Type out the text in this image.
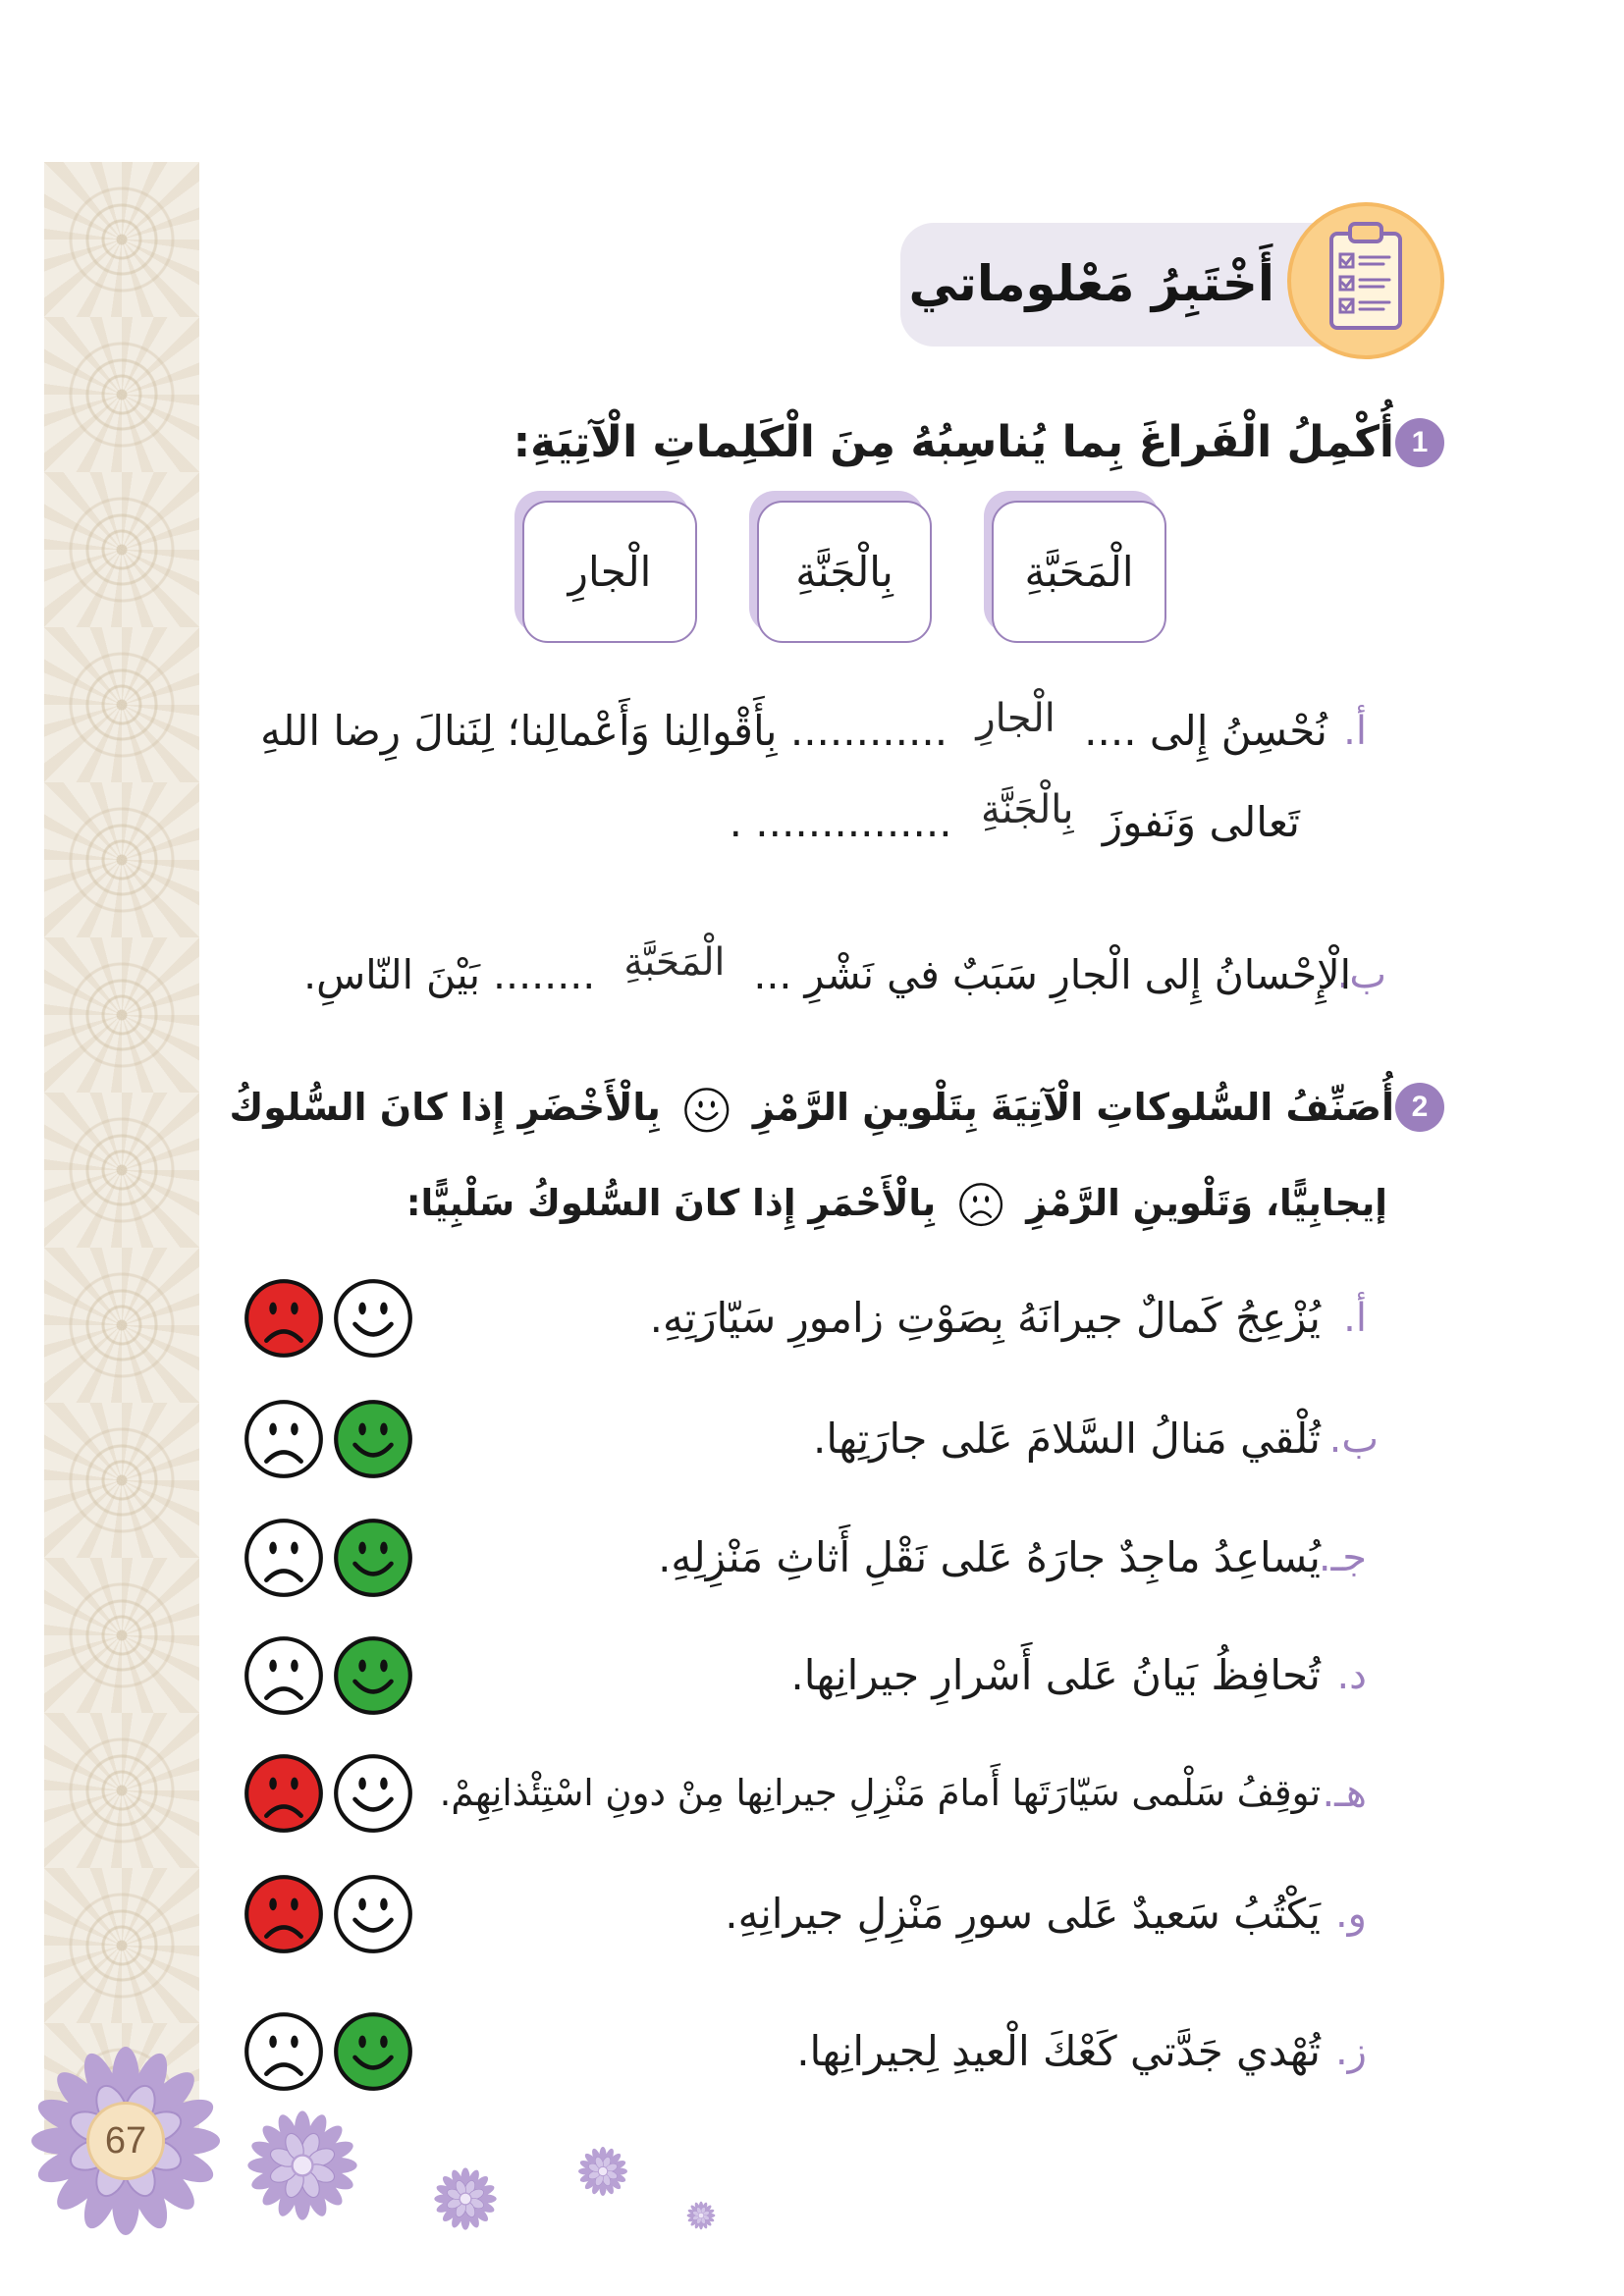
أَخْتَبِرُ مَعْلوماتي
1
أُكْمِلُ الْفَراغَ بِما يُناسِبُهُ مِنَ الْكَلِماتِ الْآتِيَةِ:
الْمَحَبَّةِ
بِالْجَنَّةِ
الْجارِ
أ.
نُحْسِنُ إِلى .... الْجارِ ............ بِأَقْوالِنا وَأَعْمالِنا؛ لِنَنالَ رِضا اللهِ
تَعالى وَنَفوزَ بِالْجَنَّةِ ............... .
ب.
الْإِحْسانُ إِلى الْجارِ سَبَبٌ في نَشْرِ ... الْمَحَبَّةِ ........ بَيْنَ النّاسِ.
2
أُصَنِّفُ السُّلوكاتِ الْآتِيَةَ بِتَلْوينِ الرَّمْزِ  بِالْأَخْضَرِ إِذا كانَ السُّلوكُ
إيجابِيًّا، وَتَلْوينِ الرَّمْزِ  بِالْأَحْمَرِ إِذا كانَ السُّلوكُ سَلْبِيًّا:
أ.
يُزْعِجُ كَمالٌ جيرانَهُ بِصَوْتِ زامورِ سَيّارَتِهِ.
ب.
تُلْقي مَنالُ السَّلامَ عَلى جارَتِها.
جـ.
يُساعِدُ ماجِدٌ جارَهُ عَلى نَقْلِ أَثاثِ مَنْزِلِهِ.
د.
تُحافِظُ بَيانُ عَلى أَسْرارِ جيرانِها.
هـ.
توقِفُ سَلْمى سَيّارَتَها أَمامَ مَنْزِلِ جيرانِها مِنْ دونِ اسْتِئْذانِهِمْ.
و.
يَكْتُبُ سَعيدٌ عَلى سورِ مَنْزِلِ جيرانِهِ.
ز.
تُهْدي جَدَّتي كَعْكَ الْعيدِ لِجيرانِها.
67
